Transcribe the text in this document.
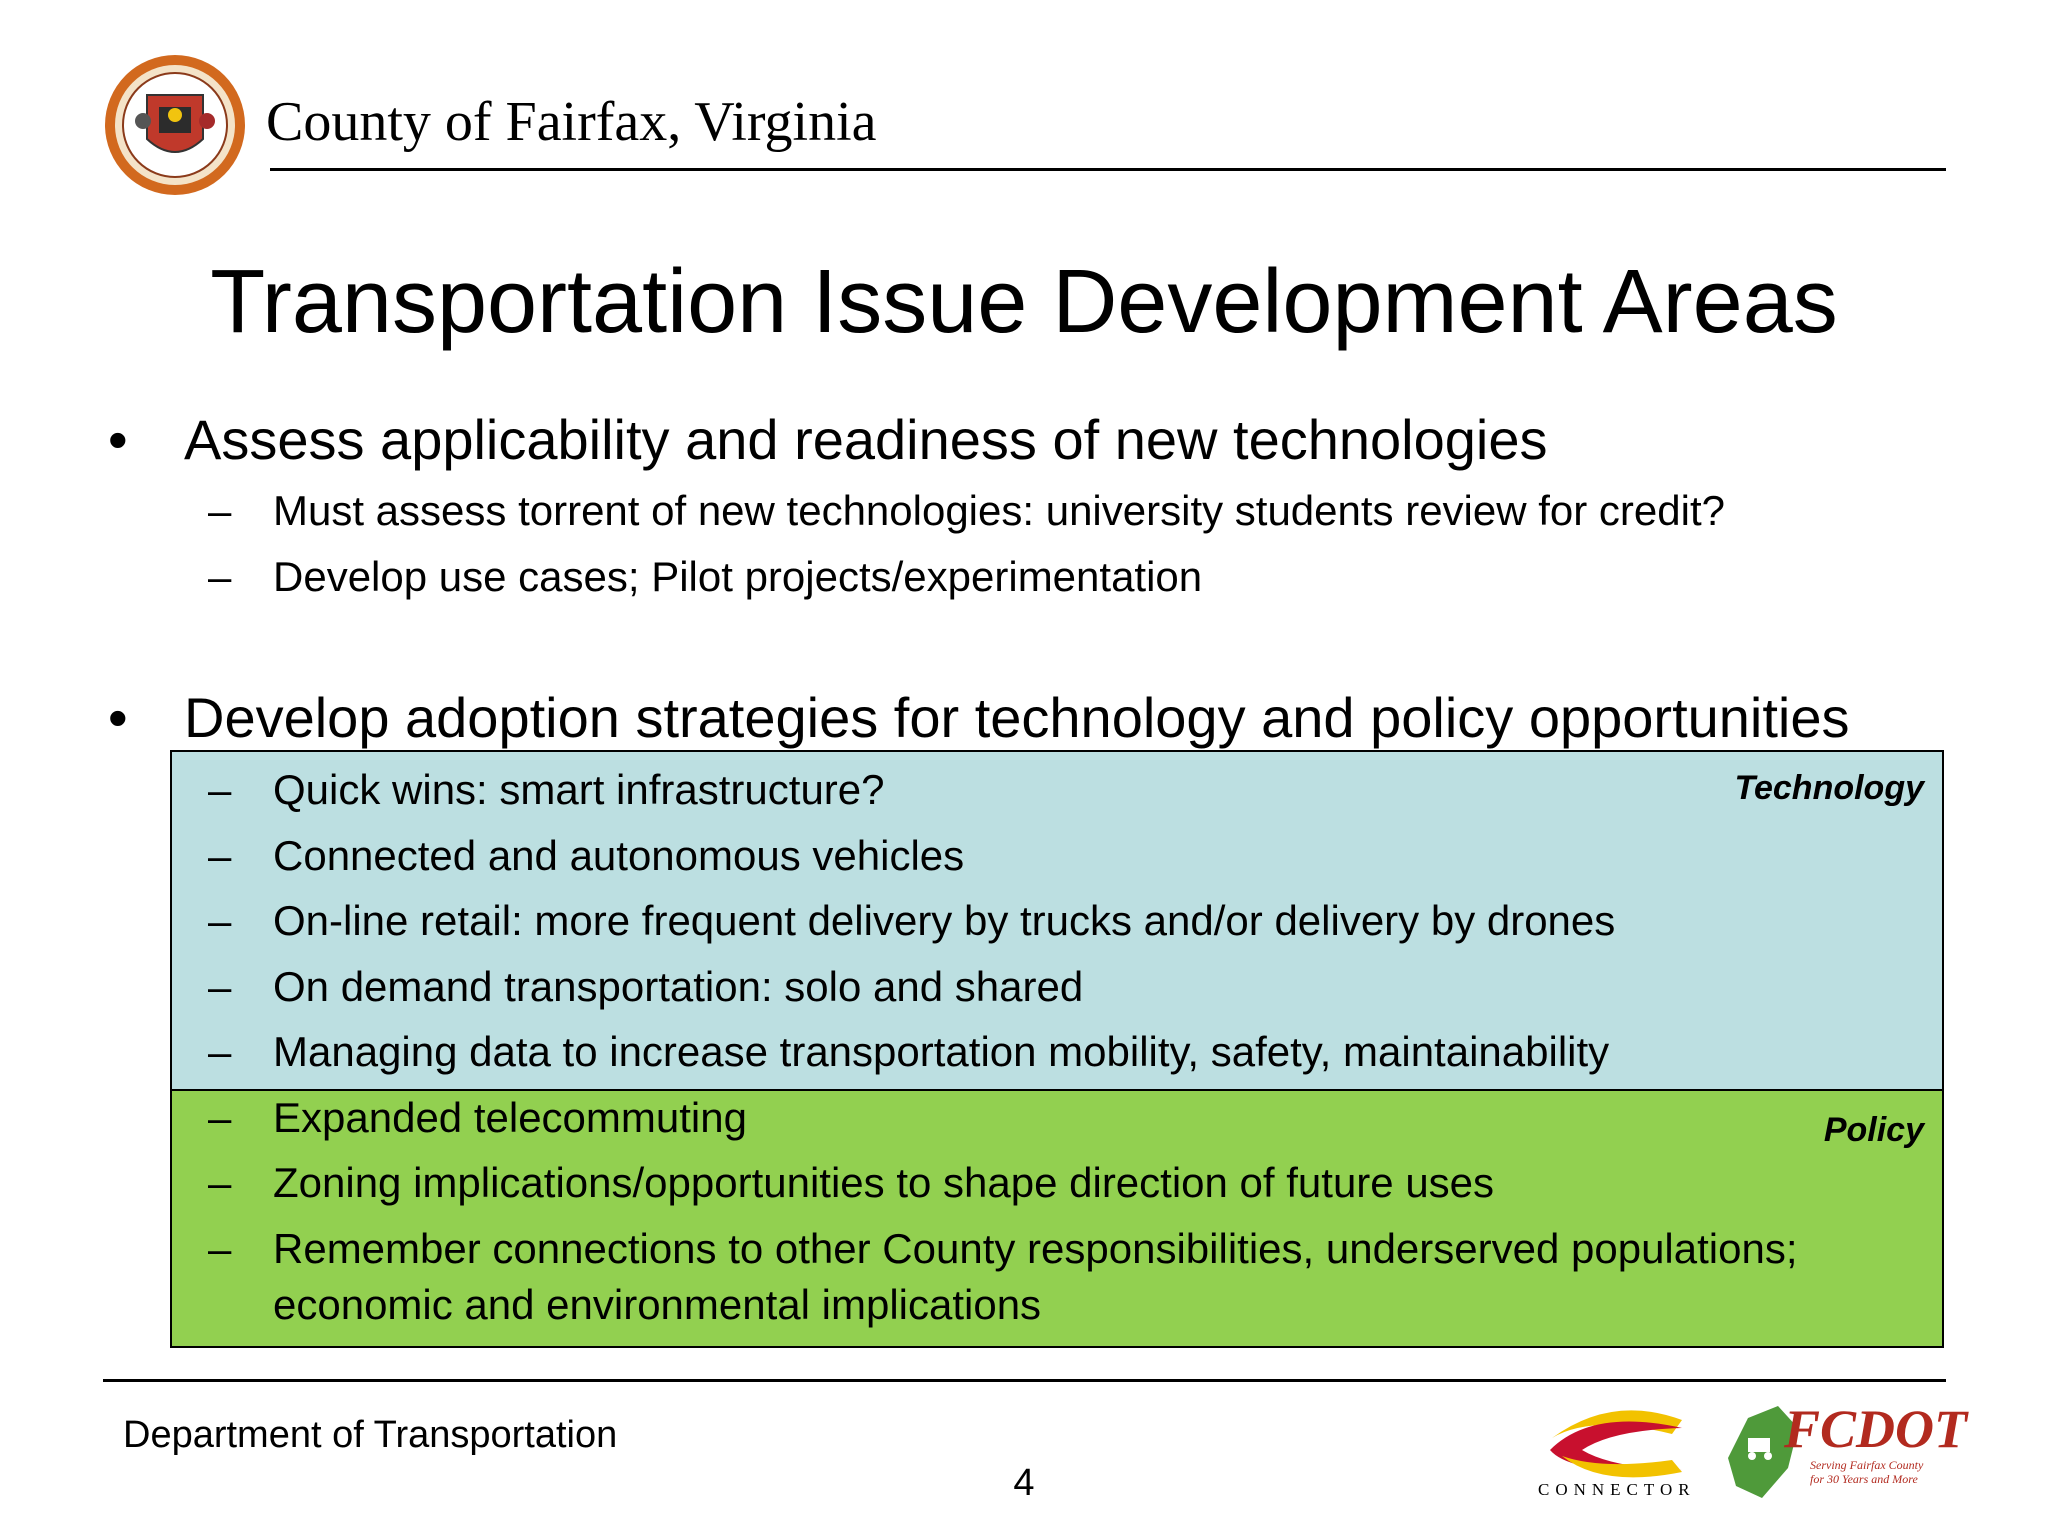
County of Fairfax, Virginia
Transportation Issue Development Areas
• Assess applicability and readiness of new technologies
– Must assess torrent of new technologies: university students review for credit?
– Develop use cases; Pilot projects/experimentation
• Develop adoption strategies for technology and policy opportunities
Technology
Policy
– Quick wins: smart infrastructure?
– Connected and autonomous vehicles
– On-line retail: more frequent delivery by trucks and/or delivery by drones
– On demand transportation: solo and shared
– Managing data to increase transportation mobility, safety, maintainability
– Expanded telecommuting
– Zoning implications/opportunities to shape direction of future uses
– Remember connections to other County responsibilities, underserved populations;
economic and environmental implications
Department of Transportation
4	CONNECTOR
FCDOT
Serving Fairfax County for 30 Years and More
